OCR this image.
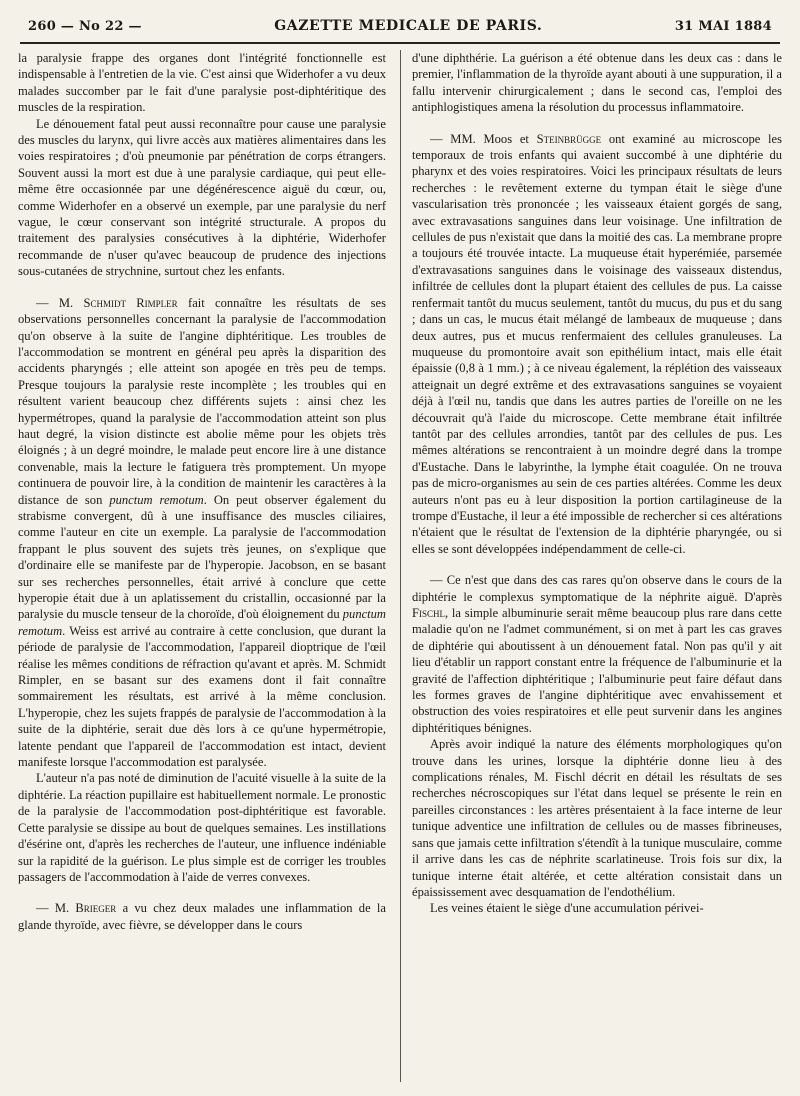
260 — No 22 —	GAZETTE MEDICALE DE PARIS.	31 MAI 1884

la paralysie frappe des organes dont l'intégrité fonctionnelle est indispensable à l'entretien de la vie. C'est ainsi que Widerhofer a vu deux malades succomber par le fait d'une paralysie post-diphtéritique des muscles de la respiration.

Le dénouement fatal peut aussi reconnaître pour cause une paralysie des muscles du larynx, qui livre accès aux matières alimentaires dans les voies respiratoires ; d'où pneumonie par pénétration de corps étrangers. Souvent aussi la mort est due à une paralysie cardiaque, qui peut elle-même être occasionnée par une dégénérescence aiguë du cœur, ou, comme Widerhofer en a observé un exemple, par une paralysie du nerf vague, le cœur conservant son intégrité structurale. A propos du traitement des paralysies consécutives à la diphtérie, Widerhofer recommande de n'user qu'avec beaucoup de prudence des injections sous-cutanées de strychnine, surtout chez les enfants.

— M. Schmidt Rimpler fait connaître les résultats de ses observations personnelles concernant la paralysie de l'accommodation qu'on observe à la suite de l'angine diphtéritique. Les troubles de l'accommodation se montrent en général peu après la disparition des accidents pharyngés ; elle atteint son apogée en très peu de temps. Presque toujours la paralysie reste incomplète ; les troubles qui en résultent varient beaucoup chez différents sujets : ainsi chez les hypermétropes, quand la paralysie de l'accommodation atteint son plus haut degré, la vision distincte est abolie même pour les objets très éloignés ; à un degré moindre, le malade peut encore lire à une distance convenable, mais la lecture le fatiguera très promptement. Un myope continuera de pouvoir lire, à la condition de maintenir les caractères à la distance de son punctum remotum. On peut observer également du strabisme convergent, dû à une insuffisance des muscles ciliaires, comme l'auteur en cite un exemple. La paralysie de l'accommodation frappant le plus souvent des sujets très jeunes, on s'explique que d'ordinaire elle se manifeste par de l'hyperopie. Jacobson, en se basant sur ses recherches personnelles, était arrivé à conclure que cette hyperopie était due à un aplatissement du cristallin, occasionné par la paralysie du muscle tenseur de la choroïde, d'où éloignement du punctum remotum. Weiss est arrivé au contraire à cette conclusion, que durant la période de paralysie de l'accommodation, l'appareil dioptrique de l'œil réalise les mêmes conditions de réfraction qu'avant et après. M. Schmidt Rimpler, en se basant sur des examens dont il fait connaître sommairement les résultats, est arrivé à la même conclusion. L'hyperopie, chez les sujets frappés de paralysie de l'accommodation à la suite de la diphtérie, serait due dès lors à ce qu'une hypermétropie, latente pendant que l'appareil de l'accommodation est intact, devient manifeste lorsque l'accommodation est paralysée.

L'auteur n'a pas noté de diminution de l'acuité visuelle à la suite de la diphtérie. La réaction pupillaire est habituellement normale. Le pronostic de la paralysie de l'accommodation post-diphtéritique est favorable. Cette paralysie se dissipe au bout de quelques semaines. Les instillations d'ésérine ont, d'après les recherches de l'auteur, une influence indéniable sur la rapidité de la guérison. Le plus simple est de corriger les troubles passagers de l'accommodation à l'aide de verres convexes.

— M. Brieger a vu chez deux malades une inflammation de la glande thyroïde, avec fièvre, se développer dans le cours

d'une diphthérie. La guérison a été obtenue dans les deux cas : dans le premier, l'inflammation de la thyroïde ayant abouti à une suppuration, il a fallu intervenir chirurgicalement ; dans le second cas, l'emploi des antiphlogistiques amena la résolution du processus inflammatoire.

— MM. Moos et Steinbrügge ont examiné au microscope les temporaux de trois enfants qui avaient succombé à une diphtérie du pharynx et des voies respiratoires. Voici les principaux résultats de leurs recherches : le revêtement externe du tympan était le siège d'une vascularisation très prononcée ; les vaisseaux étaient gorgés de sang, avec extravasations sanguines dans leur voisinage. Une infiltration de cellules de pus n'existait que dans la moitié des cas. La membrane propre a toujours été trouvée intacte. La muqueuse était hyperémiée, parsemée d'extravasations sanguines dans le voisinage des vaisseaux distendus, infiltrée de cellules dont la plupart étaient des cellules de pus. La caisse renfermait tantôt du mucus seulement, tantôt du mucus, du pus et du sang ; dans un cas, le mucus était mélangé de lambeaux de muqueuse ; dans deux autres, pus et mucus renfermaient des cellules granuleuses. La muqueuse du promontoire avait son epithélium intact, mais elle était épaissie (0,8 à 1 mm.) ; à ce niveau également, la réplétion des vaisseaux atteignait un degré extrême et des extravasations sanguines se voyaient déjà à l'œil nu, tandis que dans les autres parties de l'oreille on ne les découvrait qu'à l'aide du microscope. Cette membrane était infiltrée tantôt par des cellules arrondies, tantôt par des cellules de pus. Les mêmes altérations se rencontraient à un moindre degré dans la trompe d'Eustache. Dans le labyrinthe, la lymphe était coagulée. On ne trouva pas de micro-organismes au sein de ces parties altérées. Comme les deux auteurs n'ont pas eu à leur disposition la portion cartilagineuse de la trompe d'Eustache, il leur a été impossible de rechercher si ces altérations n'étaient que le résultat de l'extension de la diphtérie pharyngée, ou si elles se sont développées indépendamment de celle-ci.

— Ce n'est que dans des cas rares qu'on observe dans le cours de la diphtérie le complexus symptomatique de la néphrite aiguë. D'après Fischl, la simple albuminurie serait même beaucoup plus rare dans cette maladie qu'on ne l'admet communément, si on met à part les cas graves de diphtérie qui aboutissent à un dénouement fatal. Non pas qu'il y ait lieu d'établir un rapport constant entre la fréquence de l'albuminurie et la gravité de l'affection diphtéritique ; l'albuminurie peut faire défaut dans les formes graves de l'angine diphtéritique avec envahissement et obstruction des voies respiratoires et elle peut survenir dans les angines diphtéritiques bénignes.

Après avoir indiqué la nature des éléments morphologiques qu'on trouve dans les urines, lorsque la diphtérie donne lieu à des complications rénales, M. Fischl décrit en détail les résultats de ses recherches nécroscopiques sur l'état dans lequel se présente le rein en pareilles circonstances : les artères présentaient à la face interne de leur tunique adventice une infiltration de cellules ou de masses fibrineuses, sans que jamais cette infiltration s'étendît à la tunique musculaire, comme il arrive dans les cas de néphrite scarlatineuse. Trois fois sur dix, la tunique interne était altérée, et cette altération consistait dans un épaississement avec desquamation de l'endothélium.

Les veines étaient le siège d'une accumulation périvei-
